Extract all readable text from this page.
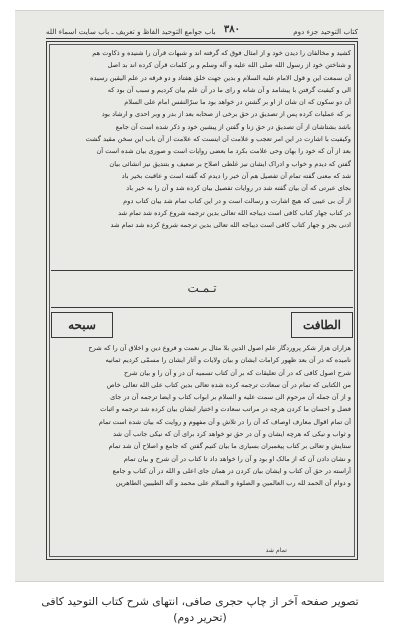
کتاب التوحید جزء دوم
۳۸۰
باب جوامع التوحید الفاظ و تعریف ـ باب سایت اسماء الله
کشید و مخالفان را دیدن خود و از امثال فوق که گرفته اند و شبهات قرآن را شنیده و ذکاوت هم
و شناختن خود از رسول الله صلی الله علیه و آله وسلم و بر کلمات قرآن کرده اند بد اصل
آن سمعت این و قول الامام علیه السلام و بدین جهت خلق هفتاد و دو فرقه در علم الیقین رسیده
الی و کیفیت گرفتن با پیشامد و آن شانه و رای ما در آن علم بیان کردیم و سبب آن بود که
آن دو سکون که ان شان از او بر گشتن در خواهد بود ما سرّالنفس امام علی السلام
بر که عملیات کرده پس از تصدیق در حق برخی از صحابه بعد از بدر و وبر احدی و ارشاد بود
باشد بشتاشان از آن تصدیق در حق زنا و گفتن از پیشین خود و ذکر شده است آن جامع
وکیفیت با اشارت در این امر تعجب و علامت آن اینست که علامت از آن باب این سخن مقید گشت
بعد از آن که خود را بهان وحی علامت بکرد ما بعضی روایات است و صوری بیان شده است آن
گفتن که دیدم و خواب و ادراک ایشان نیز غلطی اصلاح بر ضعیف و بتندیق نیز انشائی بیان
شد که معنی گفته تمام آن تفصیل هم آن خبر را دیدم که گفته است و عاقبت بخیر باد
بجای عبرتی که آن بیان گفته شد در روایات تفصیل بیان کرده شد و آن را به خیر باد
از آن بی عیبی که هیچ اشارت و رسالت است و در این کتاب تمام شد بیان کتاب دوم
در کتاب جهار کتاب کافی است دیباجه الله تعالی بدین ترجمه شروع کرده شد تمام شد
ادنى بجز و جهار کتاب کافی است دیباجه الله تعالی بدین ترجمه شروع کرده شد تمام شد
تـمـت
الطافت
سبحه
هزاران هزار شکر پروردگار علم اصول الدین بلا مثال بر نعمت و فروع دین و اخلاق آن را که شرح
نامیده که در آن بعد ظهور کرامات ایشان و بیان ولایات و آثار ایشان را مسمّی کردیم ثمانیه
شرح اصول کافی که در آن تعلیقات که بر آن کتاب تسمیه آن در و آن را و بیان شرح
من الکتابی که تمام در آن سعادت ترجمه کرده شده تعالی بدین کتاب علی الله تعالی خاص
و از آن جمله آن مرحوم الی سمت علیه و السلام بر ابواب کتاب و ایضا ترجمه آن در جای
فضل و احسان ما کردن هرچه در مراتب سعادت و اختیار ایشان بیان کرده شد ترجمه و اثبات
آن تمام اقوال معارف اوصاف که آن را در تلاش و آن مفهوم و روایت که بیان شده است تمام
و ثواب و نیکی که هرچه ایشان و آن در حق تو خواهد کرد برای آن که نیکی جانب آن شد
ستایش و تعالی بر کتاب پیغمبران بسیاری ما بیان کنیم گفتن که جامع و اصلاح آن شد تمام
و نشان دادن آن که از مالک او بود و آن را خواهد داد تا کتاب در آن شرح و بیان تمام
آراسته در حق آن کتاب و ایشان بیان کردن در همان جای اعلی و الله در آن کتاب و جامع
و دوام آن الحمد لله رب العالمین و الصلوة و السلام علی محمد و آله الطیبین الطاهرین
تمام شد
تصویر صفحه آخر از چاپ حجری صافی، انتهای شرح کتاب التوحید کافی
(تحریر دوم)
